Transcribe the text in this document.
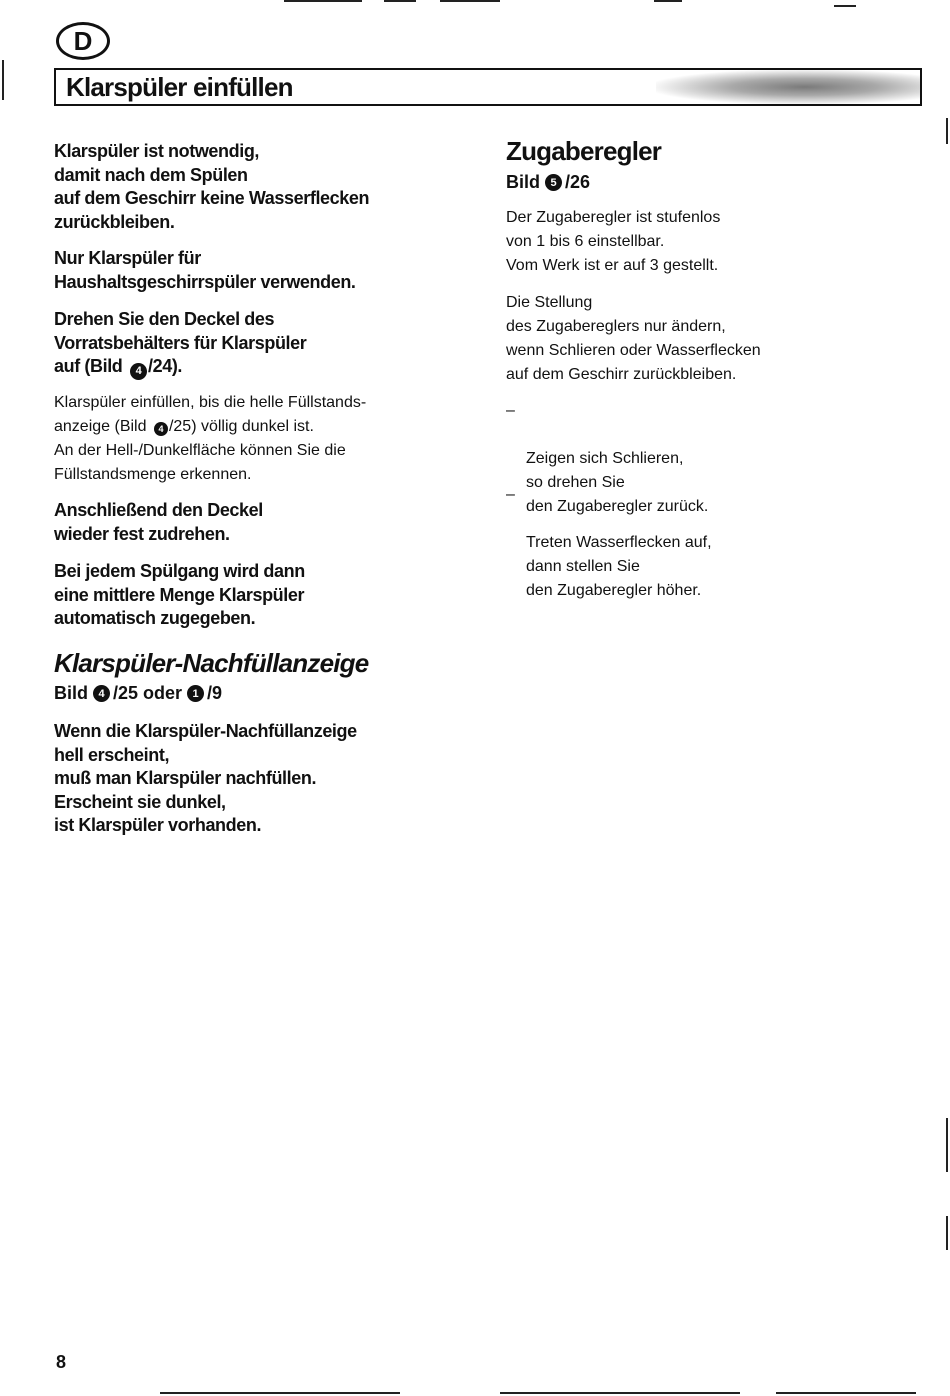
D
Klarspüler einfüllen

Klarspüler ist notwendig,
damit nach dem Spülen
auf dem Geschirr keine Wasserflecken
zurückbleiben.

Nur Klarspüler für
Haushaltsgeschirrspüler verwenden.

Drehen Sie den Deckel des
Vorratsbehälters für Klarspüler
auf (Bild 4 /24).

Klarspüler einfüllen, bis die helle Füllstands-
anzeige (Bild 4 /25) völlig dunkel ist.
An der Hell-/Dunkelfläche können Sie die
Füllstandsmenge erkennen.

Anschließend den Deckel
wieder fest zudrehen.

Bei jedem Spülgang wird dann
eine mittlere Menge Klarspüler
automatisch zugegeben.

Klarspüler-Nachfüllanzeige

Bild 4 /25 oder 1 /9

Wenn die Klarspüler-Nachfüllanzeige
hell erscheint,
muß man Klarspüler nachfüllen.
Erscheint sie dunkel,
ist Klarspüler vorhanden.

Zugaberegler

Bild 5 /26

Der Zugaberegler ist stufenlos
von 1 bis 6 einstellbar.
Vom Werk ist er auf 3 gestellt.

Die Stellung
des Zugabereglers nur ändern,
wenn Schlieren oder Wasserflecken
auf dem Geschirr zurückbleiben.

–

Zeigen sich Schlieren,
so drehen Sie
den Zugaberegler zurück.

–

Treten Wasserflecken auf,
dann stellen Sie
den Zugaberegler höher.

8
